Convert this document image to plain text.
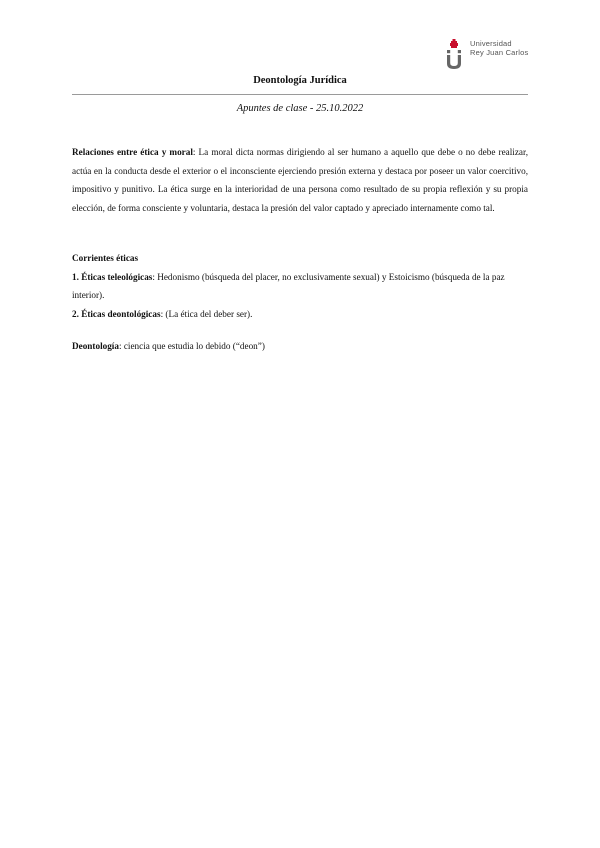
Universidad
Rey Juan Carlos
Deontología Jurídica
Apuntes de clase - 25.10.2022
Relaciones entre ética y moral: La moral dicta normas dirigiendo al ser humano a aquello que debe o no debe realizar, actúa en la conducta desde el exterior o el inconsciente ejerciendo presión externa y destaca por poseer un valor coercitivo, impositivo y punitivo. La ética surge en la interioridad de una persona como resultado de su propia reflexión y su propia elección, de forma consciente y voluntaria, destaca la presión del valor captado y apreciado internamente como tal.
Corrientes éticas
1. Éticas teleológicas: Hedonismo (búsqueda del placer, no exclusivamente sexual) y Estoicismo (búsqueda de la paz interior).
2. Éticas deontológicas: (La ética del deber ser).
Deontología: ciencia que estudia lo debido (“deon”)
